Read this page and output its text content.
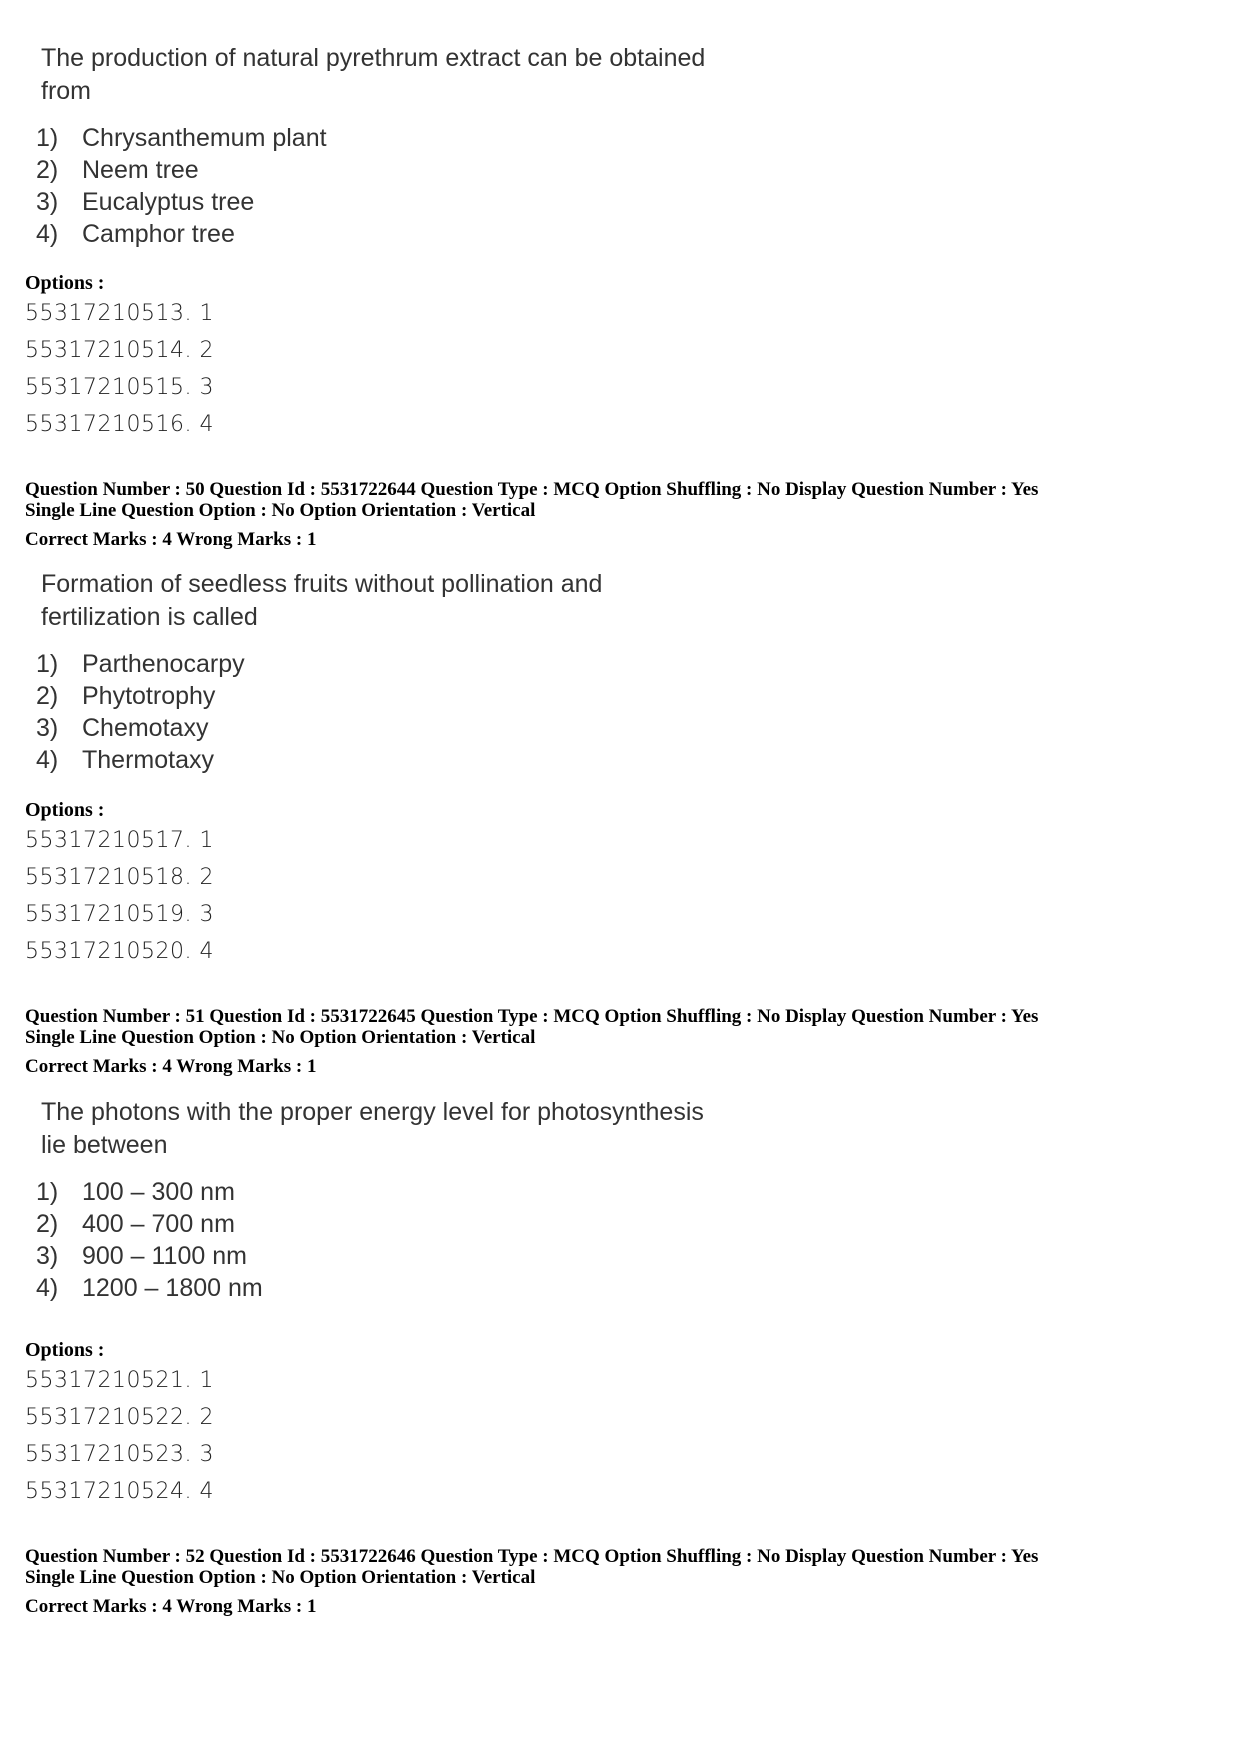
The production of natural pyrethrum extract can be obtained
from

1) Chrysanthemum plant
2) Neem tree
3) Eucalyptus tree
4) Camphor tree
Options :
55317210513. 1
55317210514. 2
55317210515. 3
55317210516. 4
Question Number : 50 Question Id : 5531722644 Question Type : MCQ Option Shuffling : No Display Question Number : Yes
Single Line Question Option : No Option Orientation : Vertical
Correct Marks : 4 Wrong Marks : 1

Formation of seedless fruits without pollination and
fertilization is called

1) Parthenocarpy
2) Phytotrophy
3) Chemotaxy
4) Thermotaxy
Options :
55317210517. 1
55317210518. 2
55317210519. 3
55317210520. 4
Question Number : 51 Question Id : 5531722645 Question Type : MCQ Option Shuffling : No Display Question Number : Yes
Single Line Question Option : No Option Orientation : Vertical
Correct Marks : 4 Wrong Marks : 1

The photons with the proper energy level for photosynthesis
lie between

1) 100 – 300 nm
2) 400 – 700 nm
3) 900 – 1100 nm
4) 1200 – 1800 nm
Options :
55317210521. 1
55317210522. 2
55317210523. 3
55317210524. 4
Question Number : 52 Question Id : 5531722646 Question Type : MCQ Option Shuffling : No Display Question Number : Yes
Single Line Question Option : No Option Orientation : Vertical
Correct Marks : 4 Wrong Marks : 1
